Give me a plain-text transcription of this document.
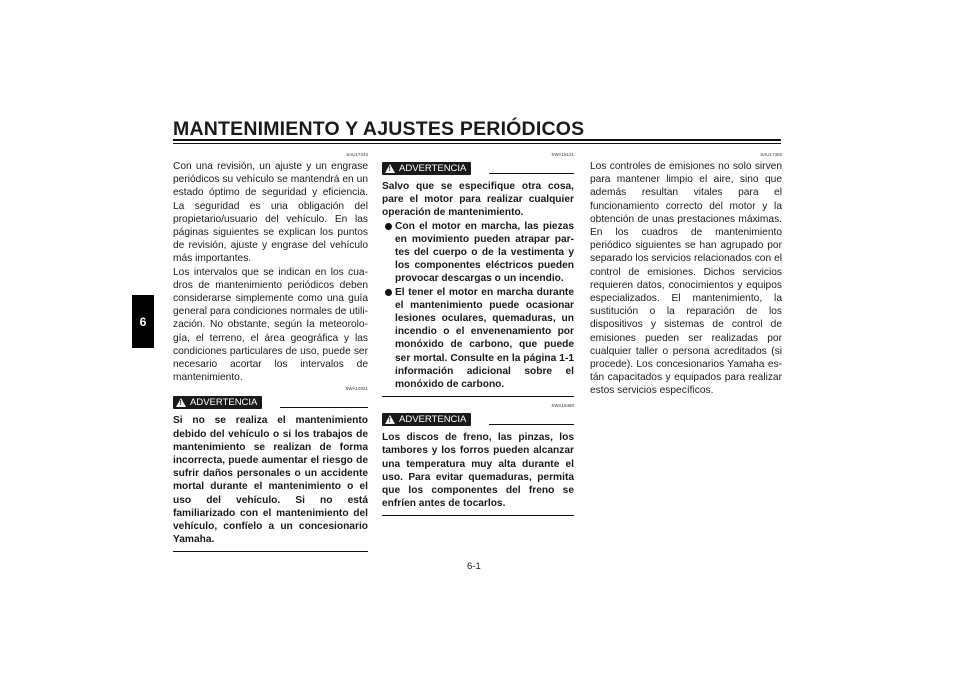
MANTENIMIENTO Y AJUSTES PERIÓDICOS
6
SAU17243

Con una revisión, un ajuste y un engrase periódicos su vehículo se mantendrá en un estado óptimo de seguridad y eficiencia. La seguridad es una obligación del propietario/usuario del vehículo. En las páginas siguientes se explican los puntos de revisión, ajuste y engrase del vehículo más importantes.

Los intervalos que se indican en los cuadros de mantenimiento periódicos deben considerarse simplemente como una guía general para condiciones normales de utilización. No obstante, según la meteorología, el terreno, el área geográfica y las condiciones particulares de uso, puede ser necesario acortar los intervalos de mantenimiento.

SWA10321
! ADVERTENCIA

Si no se realiza el mantenimiento debido del vehículo o si los trabajos de mantenimiento se realizan de forma incorrecta, puede aumentar el riesgo de sufrir daños personales o un accidente mortal durante el mantenimiento o el uso del vehículo. Si no está familiarizado con el mantenimiento del vehículo, confíelo a un concesionario Yamaha.

SWA15121
! ADVERTENCIA

Salvo que se especifique otra cosa, pare el motor para realizar cualquier operación de mantenimiento.

Con el motor en marcha, las piezas en movimiento pueden atrapar partes del cuerpo o de la vestimenta y los componentes eléctricos pueden provocar descargas o un incendio.
El tener el motor en marcha durante el mantenimiento puede ocasionar lesiones oculares, quemaduras, un incendio o el envenenamiento por monóxido de carbono, que puede ser mortal. Consulte en la página 1-1 información adicional sobre el monóxido de carbono.
SWA15460
! ADVERTENCIA

Los discos de freno, las pinzas, los tambores y los forros pueden alcanzar una temperatura muy alta durante el uso. Para evitar quemaduras, permita que los componentes del freno se enfríen antes de tocarlos.

SAU17302

Los controles de emisiones no solo sirven para mantener limpio el aire, sino que además resultan vitales para el funcionamiento correcto del motor y la obtención de unas prestaciones máximas. En los cuadros de mantenimiento periódico siguientes se han agrupado por separado los servicios relacionados con el control de emisiones. Dichos servicios requieren datos, conocimientos y equipos especializados. El mantenimiento, la sustitución o la reparación de los dispositivos y sistemas de control de emisiones pueden ser realizadas por cualquier taller o persona acreditados (si procede). Los concesionarios Yamaha están capacitados y equipados para realizar estos servicios específicos.

6-1
